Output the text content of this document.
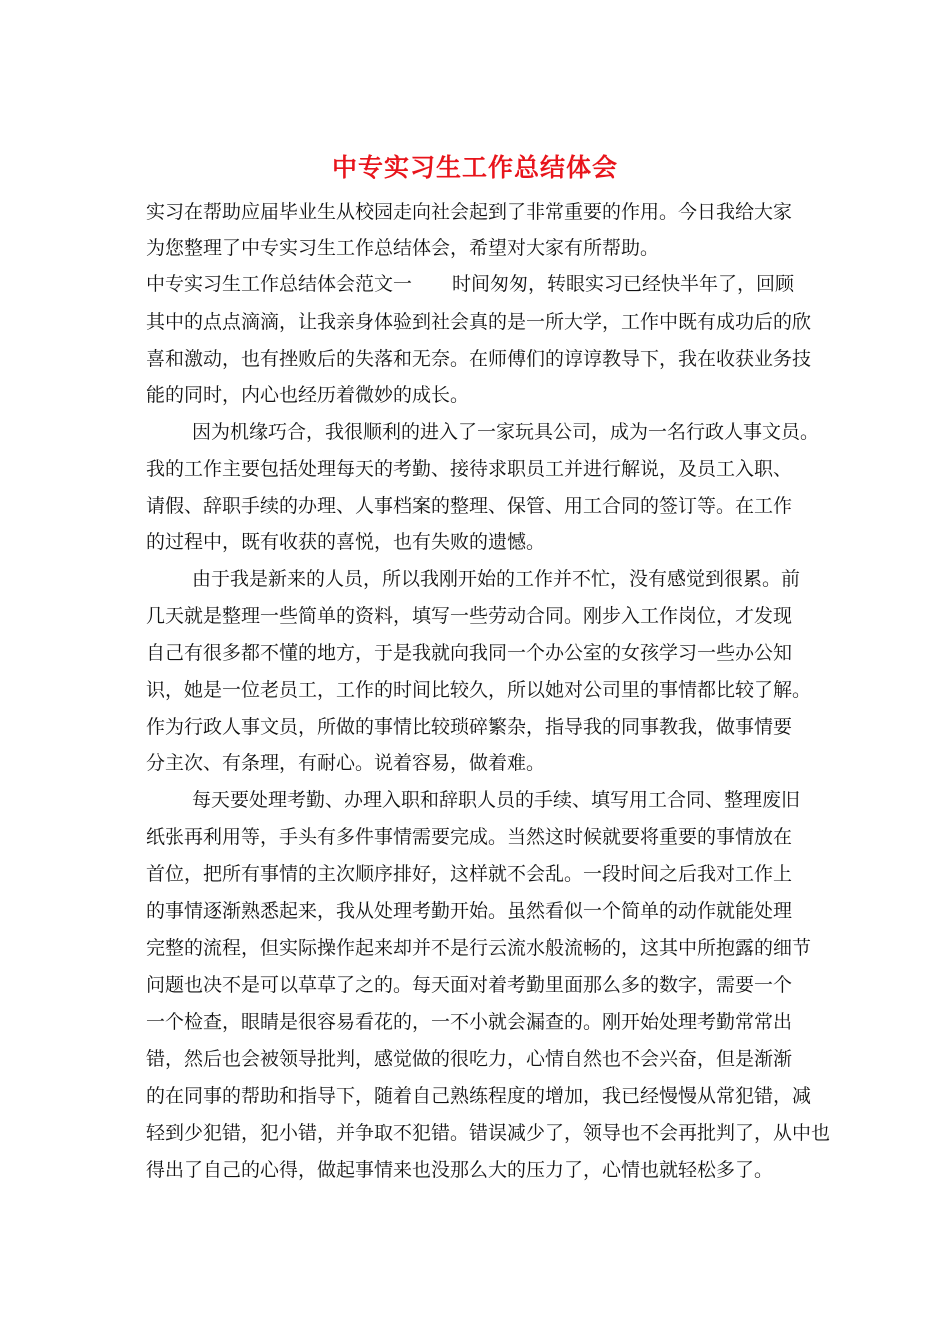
中专实习生工作总结体会
实习在帮助应届毕业生从校园走向社会起到了非常重要的作用。今日我给大家
为您整理了中专实习生工作总结体会，希望对大家有所帮助。
中专实习生工作总结体会范文一 时间匆匆，转眼实习已经快半年了，回顾
其中的点点滴滴，让我亲身体验到社会真的是一所大学，工作中既有成功后的欣
喜和激动，也有挫败后的失落和无奈。在师傅们的谆谆教导下，我在收获业务技
能的同时，内心也经历着微妙的成长。
因为机缘巧合，我很顺利的进入了一家玩具公司，成为一名行政人事文员。
我的工作主要包括处理每天的考勤、接待求职员工并进行解说，及员工入职、
请假、辞职手续的办理、人事档案的整理、保管、用工合同的签订等。在工作
的过程中，既有收获的喜悦，也有失败的遗憾。
由于我是新来的人员，所以我刚开始的工作并不忙，没有感觉到很累。前
几天就是整理一些简单的资料，填写一些劳动合同。刚步入工作岗位，才发现
自己有很多都不懂的地方，于是我就向我同一个办公室的女孩学习一些办公知
识，她是一位老员工，工作的时间比较久，所以她对公司里的事情都比较了解。
作为行政人事文员，所做的事情比较琐碎繁杂，指导我的同事教我，做事情要
分主次、有条理，有耐心。说着容易，做着难。
每天要处理考勤、办理入职和辞职人员的手续、填写用工合同、整理废旧
纸张再利用等，手头有多件事情需要完成。当然这时候就要将重要的事情放在
首位，把所有事情的主次顺序排好，这样就不会乱。一段时间之后我对工作上
的事情逐渐熟悉起来，我从处理考勤开始。虽然看似一个简单的动作就能处理
完整的流程，但实际操作起来却并不是行云流水般流畅的，这其中所抱露的细节
问题也决不是可以草草了之的。每天面对着考勤里面那么多的数字，需要一个
一个检查，眼睛是很容易看花的，一不小就会漏查的。刚开始处理考勤常常出
错，然后也会被领导批判，感觉做的很吃力，心情自然也不会兴奋，但是渐渐
的在同事的帮助和指导下，随着自己熟练程度的增加，我已经慢慢从常犯错，减
轻到少犯错，犯小错，并争取不犯错。错误减少了，领导也不会再批判了，从中也
得出了自己的心得，做起事情来也没那么大的压力了，心情也就轻松多了。
